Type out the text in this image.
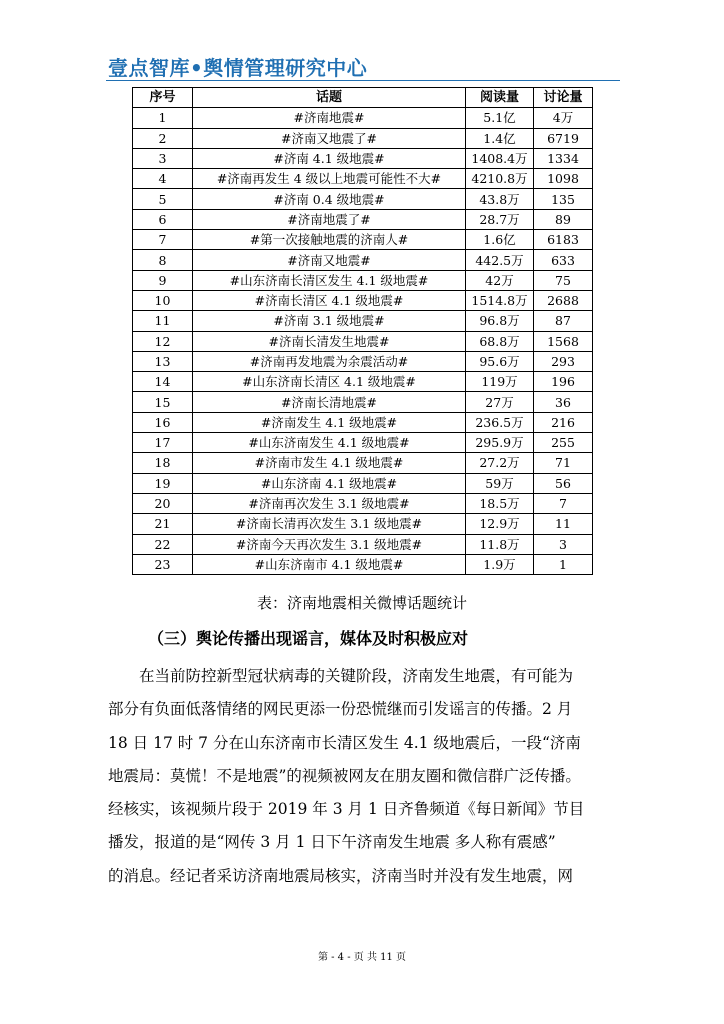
壹点智库•舆情管理研究中心
序号	话题	阅读量	讨论量
1	#济南地震#	5.1亿	4万
2	#济南又地震了#	1.4亿	6719
3	#济南 4.1 级地震#	1408.4万	1334
4	#济南再发生 4 级以上地震可能性不大#	4210.8万	1098
5	#济南 0.4 级地震#	43.8万	135
6	#济南地震了#	28.7万	89
7	#第一次接触地震的济南人#	1.6亿	6183
8	#济南又地震#	442.5万	633
9	#山东济南长清区发生 4.1 级地震#	42万	75
10	#济南长清区 4.1 级地震#	1514.8万	2688
11	#济南 3.1 级地震#	96.8万	87
12	#济南长清发生地震#	68.8万	1568
13	#济南再发地震为余震活动#	95.6万	293
14	#山东济南长清区 4.1 级地震#	119万	196
15	#济南长清地震#	27万	36
16	#济南发生 4.1 级地震#	236.5万	216
17	#山东济南发生 4.1 级地震#	295.9万	255
18	#济南市发生 4.1 级地震#	27.2万	71
19	#山东济南 4.1 级地震#	59万	56
20	#济南再次发生 3.1 级地震#	18.5万	7
21	#济南长清再次发生 3.1 级地震#	12.9万	11
22	#济南今天再次发生 3.1 级地震#	11.8万	3
23	#山东济南市 4.1 级地震#	1.9万	1
表：济南地震相关微博话题统计
（三）舆论传播出现谣言，媒体及时积极应对
在当前防控新型冠状病毒的关键阶段，济南发生地震，有可能为
部分有负面低落情绪的网民更添一份恐慌继而引发谣言的传播。2 月
18 日 17 时 7 分在山东济南市长清区发生 4.1 级地震后，一段“济南
地震局：莫慌！不是地震”的视频被网友在朋友圈和微信群广泛传播。
经核实，该视频片段于 2019 年 3 月 1 日齐鲁频道《每日新闻》节目
播发，报道的是“网传 3 月 1 日下午济南发生地震 多人称有震感”
的消息。经记者采访济南地震局核实，济南当时并没有发生地震，网
第 - 4 - 页 共 11 页
